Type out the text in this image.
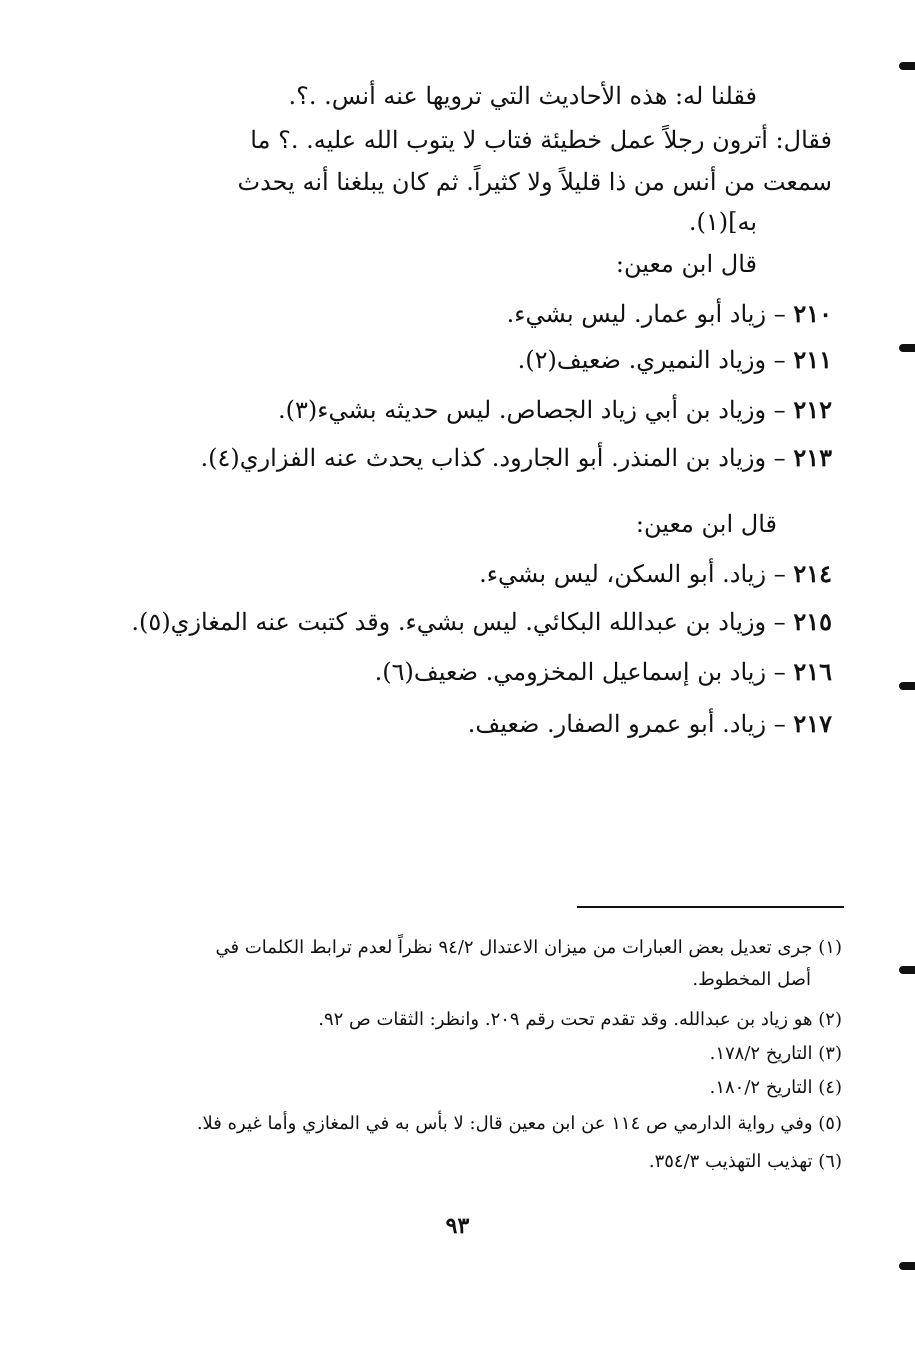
فقلنا له: هذه الأحاديث التي ترويها عنه أنس. .؟.
فقال: أترون رجلاً عمل خطيئة فتاب لا يتوب الله عليه. .؟ ما
سمعت من أنس من ذا قليلاً ولا كثيراً. ثم كان يبلغنا أنه يحدث
به](١).
قال ابن معين:
٢١٠ – زياد أبو عمار. ليس بشيء.
٢١١ – وزياد النميري. ضعيف(٢).
٢١٢ – وزياد بن أبي زياد الجصاص. ليس حديثه بشيء(٣).
٢١٣ – وزياد بن المنذر. أبو الجارود. كذاب يحدث عنه الفزاري(٤).
قال ابن معين:
٢١٤ – زياد. أبو السكن، ليس بشيء.
٢١٥ – وزياد بن عبدالله البكائي. ليس بشيء. وقد كتبت عنه المغازي(٥).
٢١٦ – زياد بن إسماعيل المخزومي. ضعيف(٦).
٢١٧ – زياد. أبو عمرو الصفار. ضعيف.
(١) جرى تعديل بعض العبارات من ميزان الاعتدال ٩٤/٢ نظراً لعدم ترابط الكلمات في
أصل المخطوط.
(٢) هو زياد بن عبدالله. وقد تقدم تحت رقم ٢٠٩. وانظر: الثقات ص ٩٢.
(٣) التاريخ ١٧٨/٢.
(٤) التاريخ ١٨٠/٢.
(٥) وفي رواية الدارمي ص ١١٤ عن ابن معين قال: لا بأس به في المغازي وأما غيره فلا.
(٦) تهذيب التهذيب ٣٥٤/٣.
٩٣
